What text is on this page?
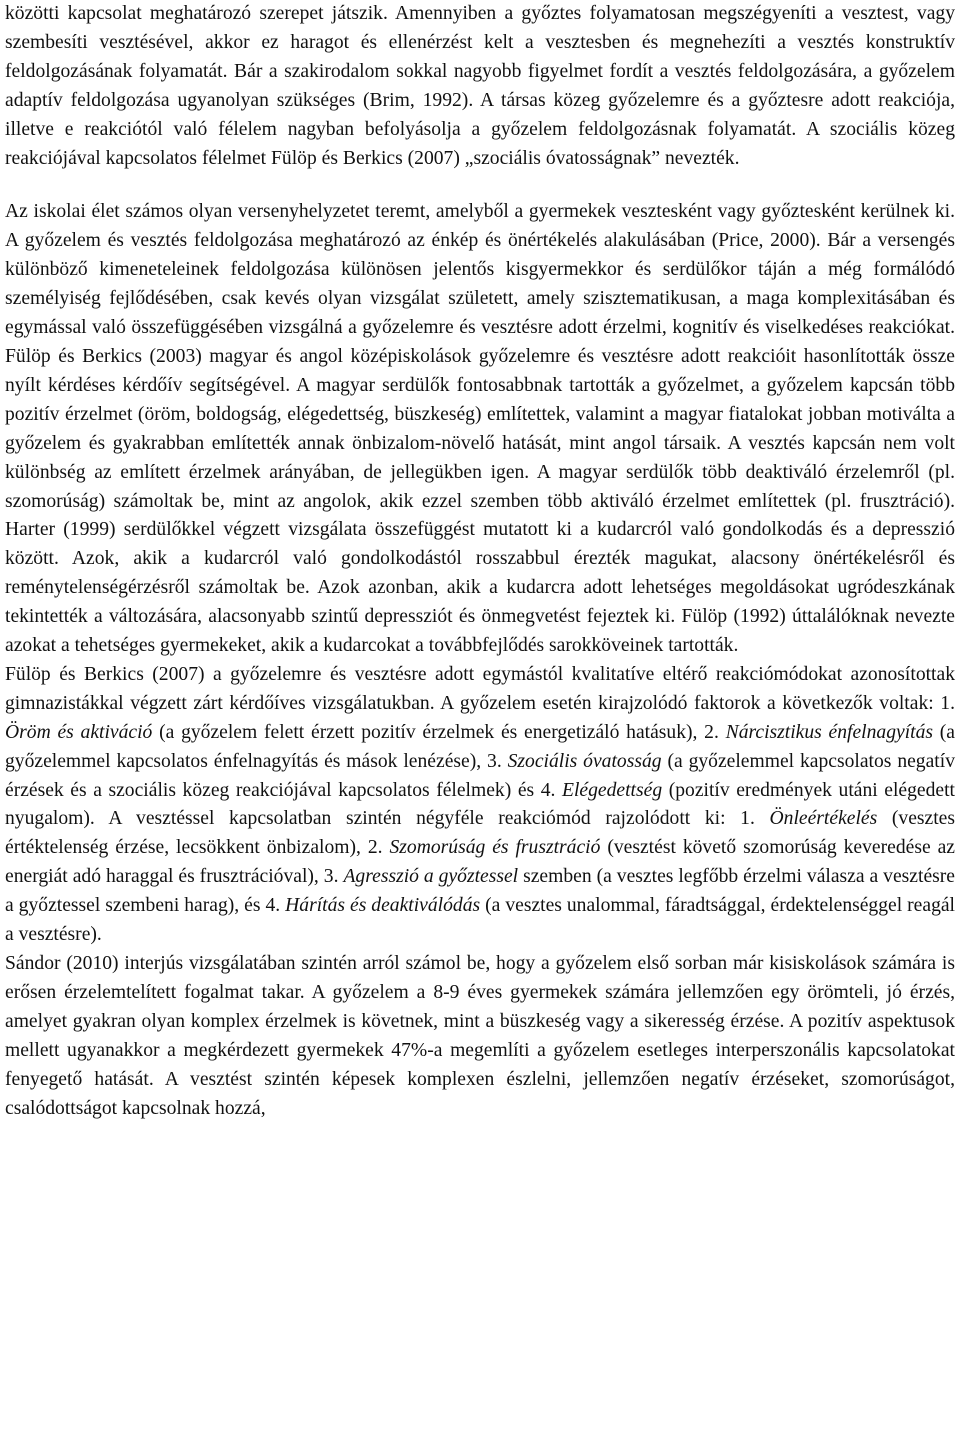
közötti kapcsolat meghatározó szerepet játszik. Amennyiben a győztes folyamatosan megszégyeníti a vesztest, vagy szembesíti vesztésével, akkor ez haragot és ellenérzést kelt a vesztesben és megnehezíti a vesztés konstruktív feldolgozásának folyamatát. Bár a szakirodalom sokkal nagyobb figyelmet fordít a vesztés feldolgozására, a győzelem adaptív feldolgozása ugyanolyan szükséges (Brim, 1992). A társas közeg győzelemre és a győztesre adott reakciója, illetve e reakciótól való félelem nagyban befolyásolja a győzelem feldolgozásnak folyamatát. A szociális közeg reakciójával kapcsolatos félelmet Fülöp és Berkics (2007) „szociális óvatosságnak” nevezték.

Az iskolai élet számos olyan versenyhelyzetet teremt, amelyből a gyermekek vesztesként vagy győztesként kerülnek ki. A győzelem és vesztés feldolgozása meghatározó az énkép és önértékelés alakulásában (Price, 2000). Bár a versengés különböző kimeneteleinek feldolgozása különösen jelentős kisgyermekkor és serdülőkor táján a még formálódó személyiség fejlődésében, csak kevés olyan vizsgálat született, amely szisztematikusan, a maga komplexitásában és egymással való összefüggésében vizsgálná a győzelemre és vesztésre adott érzelmi, kognitív és viselkedéses reakciókat. Fülöp és Berkics (2003) magyar és angol középiskolások győzelemre és vesztésre adott reakcióit hasonlították össze nyílt kérdéses kérdőív segítségével. A magyar serdülők fontosabbnak tartották a győzelmet, a győzelem kapcsán több pozitív érzelmet (öröm, boldogság, elégedettség, büszkeség) említettek, valamint a magyar fiatalokat jobban motiválta a győzelem és gyakrabban említették annak önbizalom-növelő hatását, mint angol társaik. A vesztés kapcsán nem volt különbség az említett érzelmek arányában, de jellegükben igen. A magyar serdülők több deaktiváló érzelemről (pl. szomorúság) számoltak be, mint az angolok, akik ezzel szemben több aktiváló érzelmet említettek (pl. frusztráció). Harter (1999) serdülőkkel végzett vizsgálata összefüggést mutatott ki a kudarcról való gondolkodás és a depresszió között. Azok, akik a kudarcról való gondolkodástól rosszabbul érezték magukat, alacsony önértékelésről és reménytelenségérzésről számoltak be. Azok azonban, akik a kudarcra adott lehetséges megoldásokat ugródeszkának tekintették a változására, alacsonyabb szintű depressziót és önmegvetést fejeztek ki. Fülöp (1992) úttalálóknak nevezte azokat a tehetséges gyermekeket, akik a kudarcokat a továbbfejlődés sarokköveinek tartották.

Fülöp és Berkics (2007) a győzelemre és vesztésre adott egymástól kvalitatíve eltérő reakciómódokat azonosítottak gimnazistákkal végzett zárt kérdőíves vizsgálatukban. A győzelem esetén kirajzolódó faktorok a következők voltak: 1. Öröm és aktiváció (a győzelem felett érzett pozitív érzelmek és energetizáló hatásuk), 2. Nárcisztikus énfelnagyítás (a győzelemmel kapcsolatos énfelnagyítás és mások lenézése), 3. Szociális óvatosság (a győzelemmel kapcsolatos negatív érzések és a szociális közeg reakciójával kapcsolatos félelmek) és 4. Elégedettség (pozitív eredmények utáni elégedett nyugalom). A vesztéssel kapcsolatban szintén négyféle reakciómód rajzolódott ki: 1. Önleértékelés (vesztes értéktelenség érzése, lecsökkent önbizalom), 2. Szomorúság és frusztráció (vesztést követő szomorúság keveredése az energiát adó haraggal és frusztrációval), 3. Agresszió a győztessel szemben (a vesztes legfőbb érzelmi válasza a vesztésre a győztessel szembeni harag), és 4. Hárítás és deaktiválódás (a vesztes unalommal, fáradtsággal, érdektelenséggel reagál a vesztésre).

Sándor (2010) interjús vizsgálatában szintén arról számol be, hogy a győzelem első sorban már kisiskolások számára is erősen érzelemtelített fogalmat takar. A győzelem a 8-9 éves gyermekek számára jellemzően egy örömteli, jó érzés, amelyet gyakran olyan komplex érzelmek is követnek, mint a büszkeség vagy a sikeresség érzése. A pozitív aspektusok mellett ugyanakkor a megkérdezett gyermekek 47%-a megemlíti a győzelem esetleges interperszonális kapcsolatokat fenyegető hatását. A vesztést szintén képesek komplexen észlelni, jellemzően negatív érzéseket, szomorúságot, csalódottságot kapcsolnak hozzá,
